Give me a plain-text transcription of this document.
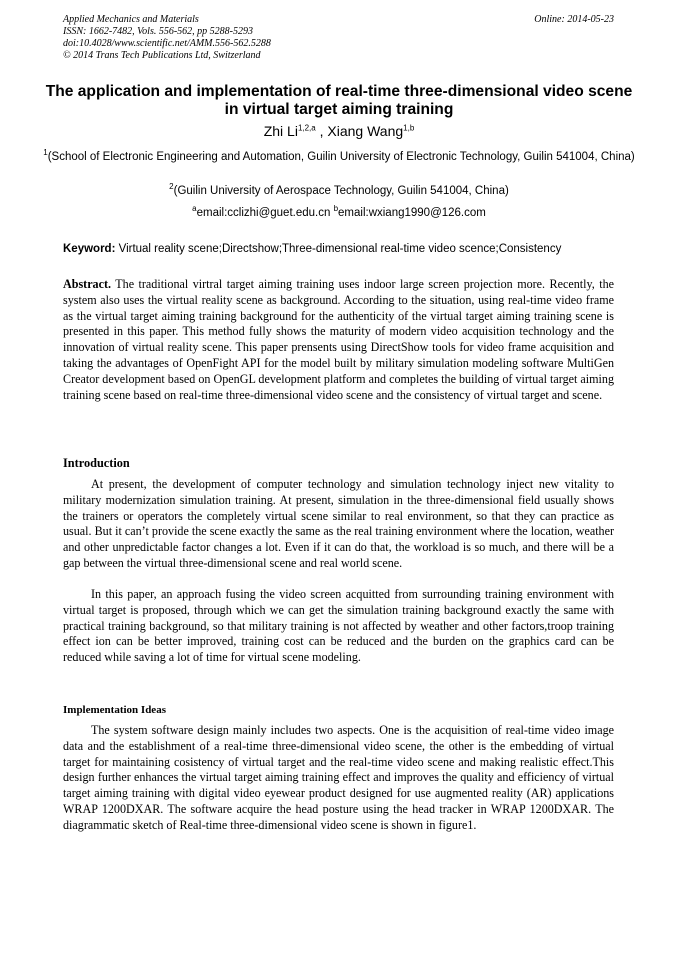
Applied Mechanics and Materials
ISSN: 1662-7482, Vols. 556-562, pp 5288-5293
doi:10.4028/www.scientific.net/AMM.556-562.5288
© 2014 Trans Tech Publications Ltd, Switzerland
Online: 2014-05-23
The application and implementation of real-time three-dimensional video scene in virtual target aiming training
Zhi Li$^{1,2,a}$ , Xiang Wang$^{1,b}$
$^1$(School of Electronic Engineering and Automation, Guilin University of Electronic Technology, Guilin 541004, China)
$^2$(Guilin University of Aerospace Technology, Guilin 541004, China)
$^a$email:cclizhi@guet.edu.cn $^b$email:wxiang1990@126.com
Keyword: Virtual reality scene;Directshow;Three-dimensional real-time video scence;Consistency
Abstract. The traditional virtral target aiming training uses indoor large screen projection more. Recently, the system also uses the virtual reality scene as background. According to the situation, using real-time video frame as the virtual target aiming training background for the authenticity of the virtual target aiming training scene is presented in this paper. This method fully shows the maturity of modern video acquisition technology and the innovation of virtual reality scene. This paper prensents using DirectShow tools for video frame acquisition and taking the advantages of OpenFight API for the model built by military simulation modeling software MultiGen Creator development based on OpenGL development platform and completes the building of virtual target aiming training scene based on real-time three-dimensional video scene and the consistency of virtual target and scene.
Introduction
At present, the development of computer technology and simulation technology inject new vitality to military modernization simulation training. At present, simulation in the three-dimensional field usually shows the trainers or operators the completely virtual scene similar to real environment, so that they can practice as usual. But it can’t provide the scene exactly the same as the real training environment where the location, weather and other unpredictable factor changes a lot. Even if it can do that, the workload is so much, and there will be a gap between the virtual three-dimensional scene and real world scene.
In this paper, an approach fusing the video screen acquitted from surrounding training environment with virtual target is proposed, through which we can get the simulation training background exactly the same with practical training background, so that military training is not affected by weather and other factors,troop training effect ion can be better improved, training cost can be reduced and the burden on the graphics card can be reduced while saving a lot of time for virtual scene modeling.
Implementation Ideas
The system software design mainly includes two aspects. One is the acquisition of real-time video image data and the establishment of a real-time three-dimensional video scene, the other is the embedding of virtual target for maintaining cosistency of virtual target and the real-time video scene and making realistic effect.This design further enhances the virtual target aiming training effect and improves the quality and efficiency of virtual target aiming training with digital video eyewear product designed for use augmented reality (AR) applications WRAP 1200DXAR. The software acquire the head posture using the head tracker in WRAP 1200DXAR. The diagrammatic sketch of Real-time three-dimensional video scene is shown in figure1.
